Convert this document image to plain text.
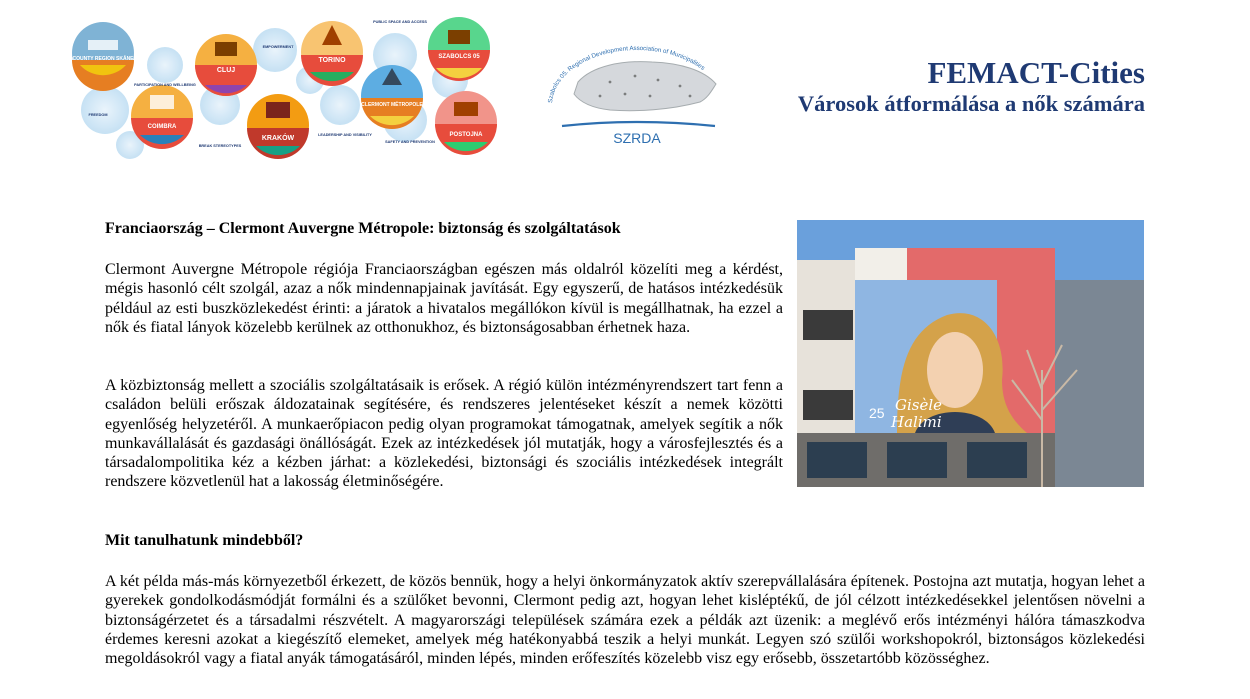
COUNTY REGION SKÅNE
CLUJ
TORINO	SZABOLCS 05
COIMBRA
KRAKÓW
CLERMONT MÉTROPOLE
POSTOJNA
PARTICIPATION AND WELLBEING
EMPOWERMENT
PUBLIC SPACE AND ACCESS
FREEDOM
BREAK STEREOTYPES
LEADERSHIP AND VISIBILITY
SAFETY AND PREVENTION
Szabolcs 05. Regional Development Association of Municipalities
SZRDA
FEMACT-Cities
Városok átformálása a nők számára
Franciaország – Clermont Auvergne Métropole: biztonság és szolgáltatások

Clermont Auvergne Métropole régiója Franciaországban egészen más oldalról közelíti meg a kérdést, mégis hasonló célt szolgál, azaz a nők mindennapjainak javítását. Egy egyszerű, de hatásos intézkedésük például az esti buszközlekedést érinti: a járatok a hivatalos megállókon kívül is megállhatnak, ha ezzel a nők és fiatal lányok közelebb kerülnek az otthonukhoz, és biztonságosabban érhetnek haza.

A közbiztonság mellett a szociális szolgáltatásaik is erősek. A régió külön intézményrendszert tart fenn a családon belüli erőszak áldozatainak segítésére, és rendszeres jelentéseket készít a nemek közötti egyenlőség helyzetéről. A munkaerőpiacon pedig olyan programokat támogatnak, amelyek segítik a nők munkavállalását és gazdasági önállóságát. Ezek az intézkedések jól mutatják, hogy a városfejlesztés és a társadalompolitika kéz a kézben járhat: a közlekedési, biztonsági és szociális intézkedések integrált rendszere közvetlenül hat a lakosság életminőségére.

25 Gisèle
Halimi
Mit tanulhatunk mindebből?

A két példa más-más környezetből érkezett, de közös bennük, hogy a helyi önkormányzatok aktív szerepvállalására építenek. Postojna azt mutatja, hogyan lehet a gyerekek gondolkodásmódját formálni és a szülőket bevonni, Clermont pedig azt, hogyan lehet kisléptékű, de jól célzott intézkedésekkel jelentősen növelni a biztonságérzetet és a társadalmi részvételt. A magyarországi települések számára ezek a példák azt üzenik: a meglévő erős intézményi hálóra támaszkodva érdemes keresni azokat a kiegészítő elemeket, amelyek még hatékonyabbá teszik a helyi munkát. Legyen szó szülői workshopokról, biztonságos közlekedési megoldásokról vagy a fiatal anyák támogatásáról, minden lépés, minden erőfeszítés közelebb visz egy erősebb, összetartóbb közösséghez.
